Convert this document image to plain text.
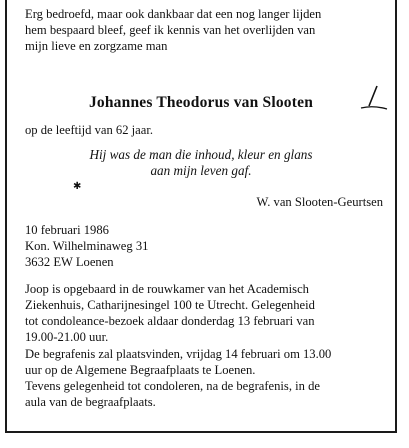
Erg bedroefd, maar ook dankbaar dat een nog langer lijden

hem bespaard bleef, geef ik kennis van het overlijden van

mijn lieve en zorgzame man

Johannes Theodorus van Slooten

op de leeftijd van 62 jaar.

Hij was de man die inhoud, kleur en glans
aan mijn leven gaf.
✱
W. van Slooten-Geurtsen

10 februari 1986

Kon. Wilhelminaweg 31

3632 EW Loenen

Joop is opgebaard in de rouwkamer van het Academisch

Ziekenhuis, Catharijnesingel 100 te Utrecht. Gelegenheid

tot condoleance-bezoek aldaar donderdag 13 februari van

19.00-21.00 uur.

De begrafenis zal plaatsvinden, vrijdag 14 februari om 13.00

uur op de Algemene Begraafplaats te Loenen.

Tevens gelegenheid tot condoleren, na de begrafenis, in de

aula van de begraafplaats.
